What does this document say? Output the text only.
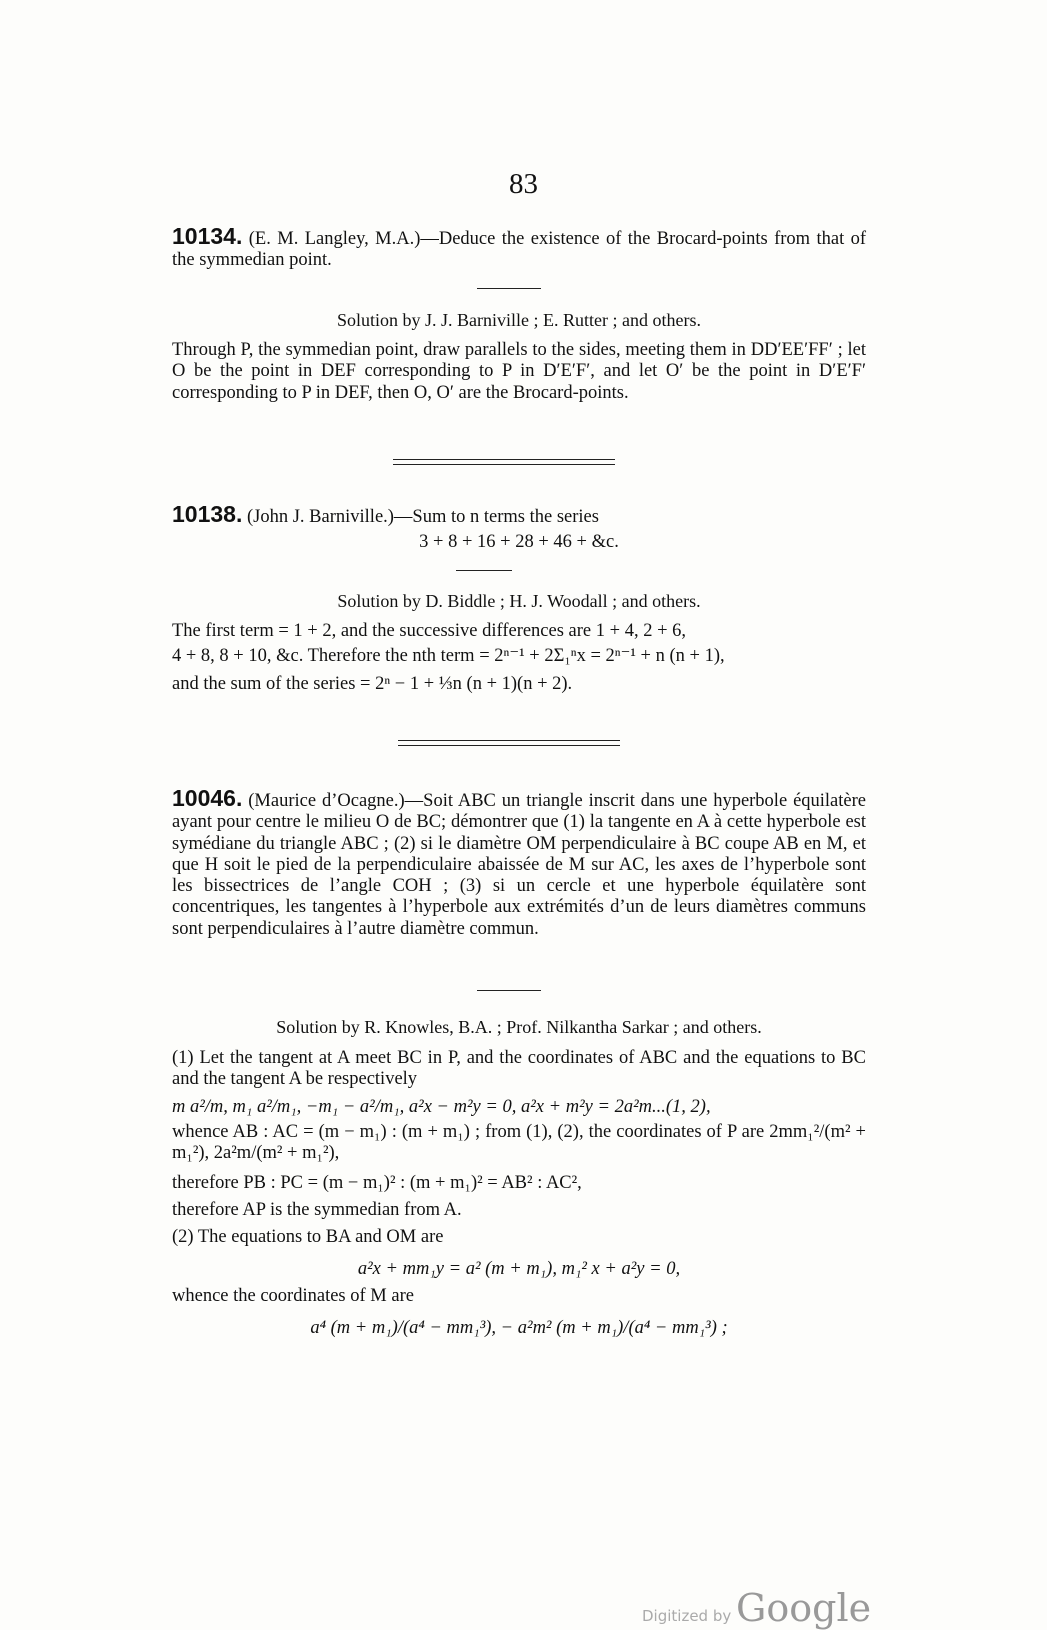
83
10134. (E. M. Langley, M.A.)—Deduce the existence of the Brocard-points from that of the symmedian point.
Solution by J. J. Barniville ; E. Rutter ; and others.
Through P, the symmedian point, draw parallels to the sides, meeting them in DD′EE′FF′ ; let O be the point in DEF corresponding to P in D′E′F′, and let O′ be the point in D′E′F′ corresponding to P in DEF, then O, O′ are the Brocard-points.
10138. (John J. Barniville.)—Sum to n terms the series
3 + 8 + 16 + 28 + 46 + &c.
Solution by D. Biddle ; H. J. Woodall ; and others.
The first term = 1 + 2, and the successive differences are 1 + 4, 2 + 6,
4 + 8, 8 + 10, &c. Therefore the nth term = 2ⁿ⁻¹ + 2Σ₁ⁿx = 2ⁿ⁻¹ + n (n + 1),
and the sum of the series = 2ⁿ − 1 + ⅓n (n + 1)(n + 2).
10046. (Maurice d’Ocagne.)—Soit ABC un triangle inscrit dans une hyperbole équilatère ayant pour centre le milieu O de BC; démontrer que (1) la tangente en A à cette hyperbole est symédiane du triangle ABC ; (2) si le diamètre OM perpendiculaire à BC coupe AB en M, et que H soit le pied de la perpendiculaire abaissée de M sur AC, les axes de l’hyperbole sont les bissectrices de l’angle COH ; (3) si un cercle et une hyperbole équilatère sont concentriques, les tangentes à l’hyperbole aux extrémités d’un de leurs diamètres communs sont perpendiculaires à l’autre diamètre commun.
Solution by R. Knowles, B.A. ; Prof. Nilkantha Sarkar ; and others.
(1) Let the tangent at A meet BC in P, and the coordinates of ABC and the equations to BC and the tangent A be respectively
m a²/m, m₁ a²/m₁, −m₁ − a²/m₁, a²x − m²y = 0, a²x + m²y = 2a²m...(1, 2),
whence AB : AC = (m − m₁) : (m + m₁) ; from (1), (2), the coordinates of P are 2mm₁²/(m² + m₁²), 2a²m/(m² + m₁²),
therefore PB : PC = (m − m₁)² : (m + m₁)² = AB² : AC²,
therefore AP is the symmedian from A.
(2) The equations to BA and OM are
a²x + mm₁y = a² (m + m₁), m₁² x + a²y = 0,
whence the coordinates of M are
a⁴ (m + m₁)/(a⁴ − mm₁³), − a²m² (m + m₁)/(a⁴ − mm₁³) ;
Digitized by Google
